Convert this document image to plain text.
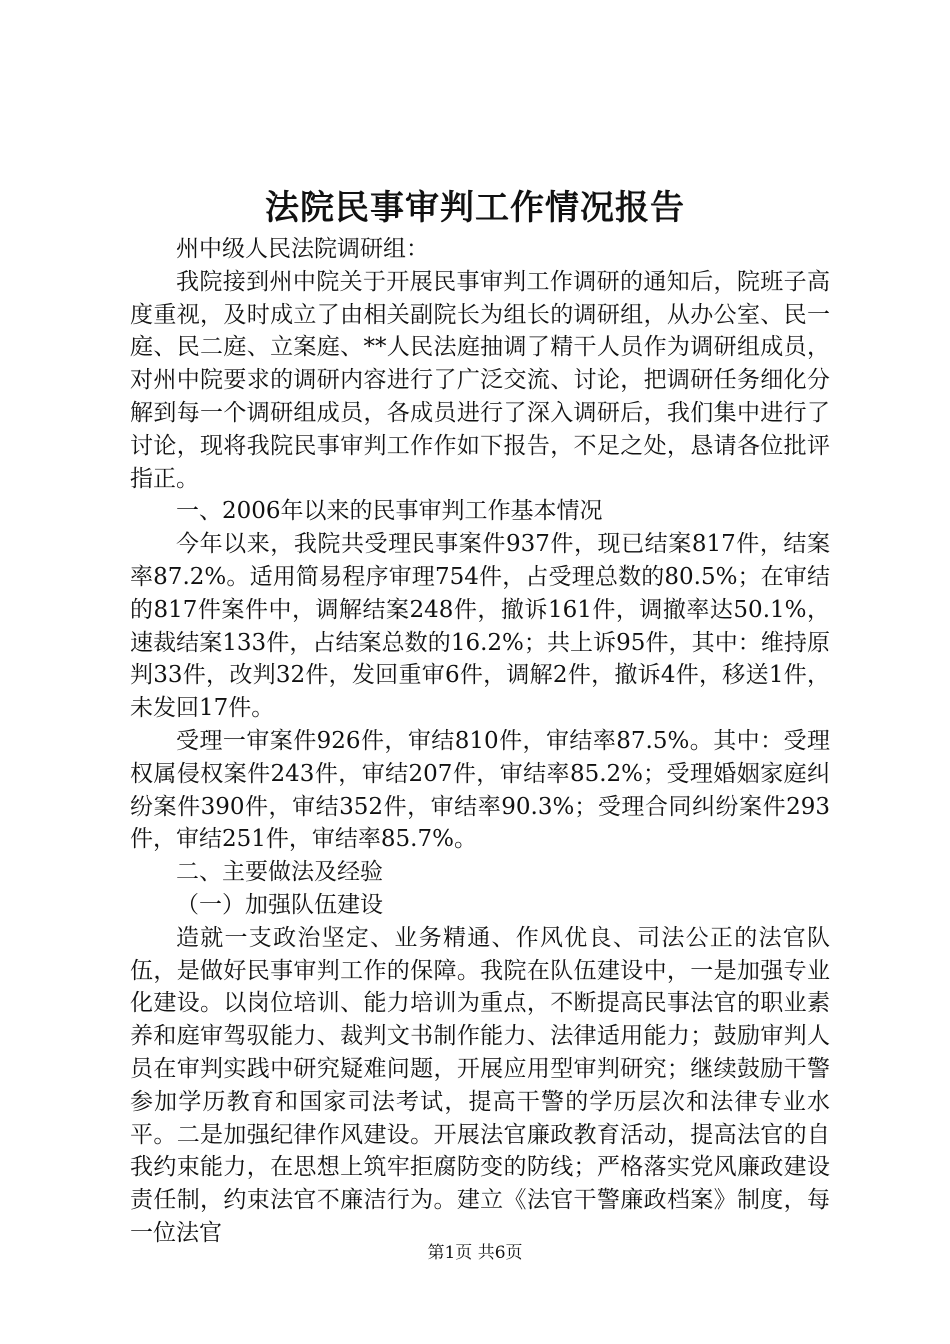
法院民事审判工作情况报告

州中级人民法院调研组：

我院接到州中院关于开展民事审判工作调研的通知后，院班子高度重视，及时成立了由相关副院长为组长的调研组，从办公室、民一庭、民二庭、立案庭、**人民法庭抽调了精干人员作为调研组成员，对州中院要求的调研内容进行了广泛交流、讨论，把调研任务细化分解到每一个调研组成员，各成员进行了深入调研后，我们集中进行了讨论，现将我院民事审判工作作如下报告，不足之处，恳请各位批评指正。

一、2006年以来的民事审判工作基本情况

今年以来，我院共受理民事案件937件，现已结案817件，结案率87.2%。适用简易程序审理754件，占受理总数的80.5%；在审结的817件案件中，调解结案248件，撤诉161件，调撤率达50.1%，速裁结案133件，占结案总数的16.2%；共上诉95件，其中：维持原判33件，改判32件，发回重审6件，调解2件，撤诉4件，移送1件，未发回17件。

受理一审案件926件，审结810件，审结率87.5%。其中：受理权属侵权案件243件，审结207件，审结率85.2%；受理婚姻家庭纠纷案件390件，审结352件，审结率90.3%；受理合同纠纷案件293件，审结251件，审结率85.7%。

二、主要做法及经验

（一）加强队伍建设

造就一支政治坚定、业务精通、作风优良、司法公正的法官队伍，是做好民事审判工作的保障。我院在队伍建设中，一是加强专业化建设。以岗位培训、能力培训为重点，不断提高民事法官的职业素养和庭审驾驭能力、裁判文书制作能力、法律适用能力；鼓励审判人员在审判实践中研究疑难问题，开展应用型审判研究；继续鼓励干警参加学历教育和国家司法考试，提高干警的学历层次和法律专业水平。二是加强纪律作风建设。开展法官廉政教育活动，提高法官的自我约束能力，在思想上筑牢拒腐防变的防线；严格落实党风廉政建设责任制，约束法官不廉洁行为。建立《法官干警廉政档案》制度，每一位法官

第1页 共6页
